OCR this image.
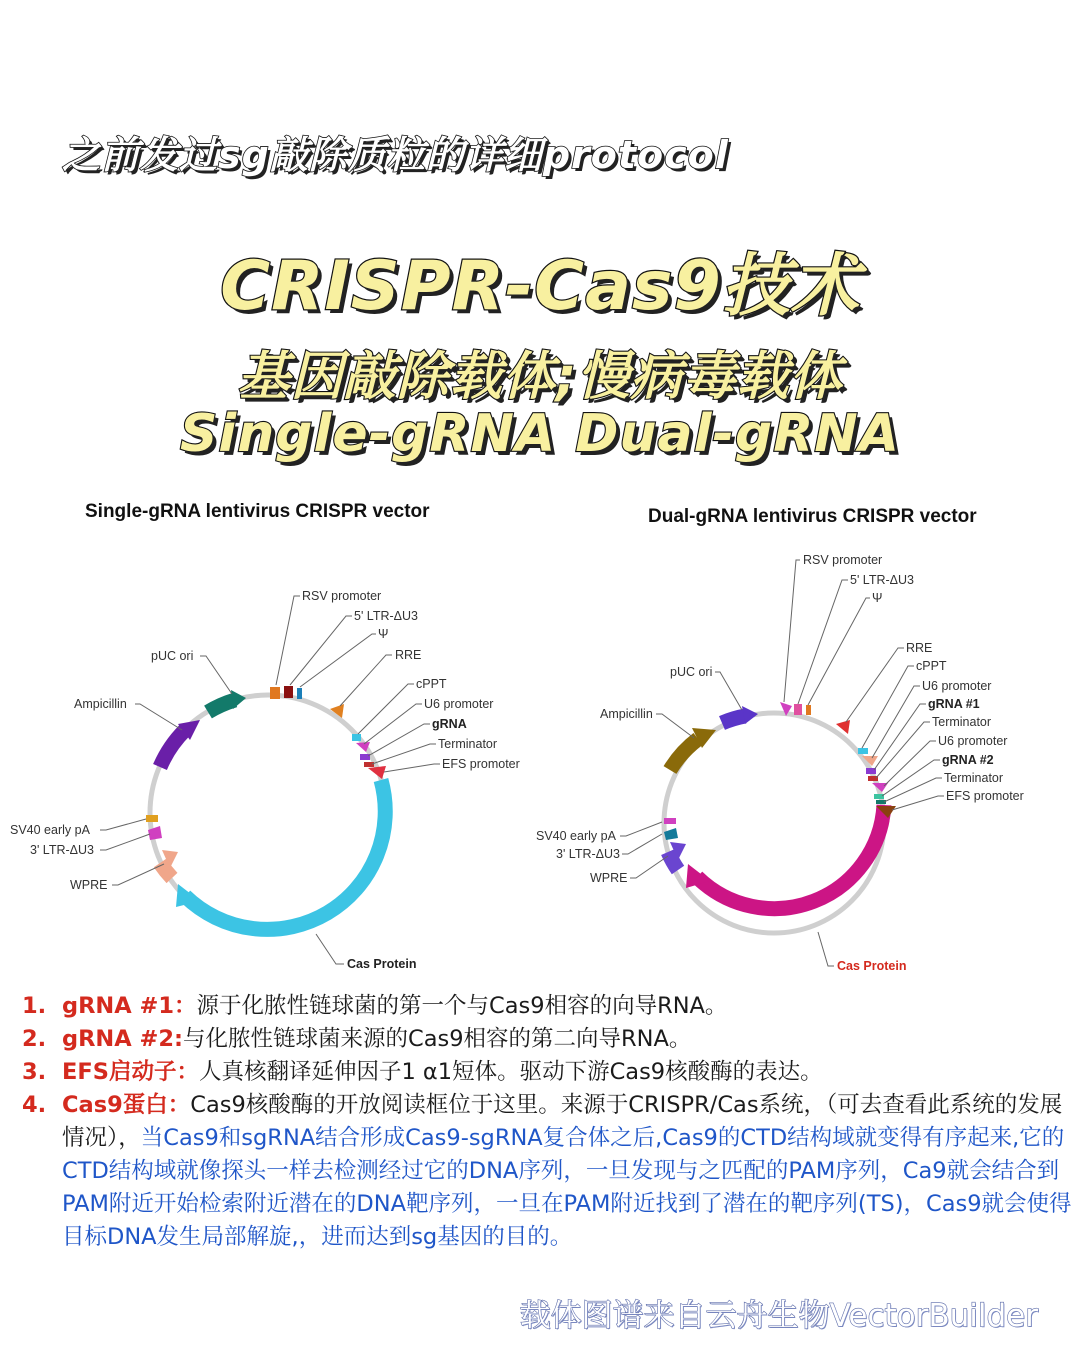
之前发过sg敲除质粒的详细protocol
CRISPR-Cas9技术
基因敲除载体;慢病毒载体
Single-gRNA Dual-gRNA
Single-gRNA lentivirus CRISPR vector
RSV promoter
5' LTR-ΔU3
Ψ
RRE
cPPT
U6 promoter
gRNA
Terminator
EFS promoter
Cas Protein
pUC ori
Ampicillin
SV40 early pA
3' LTR-ΔU3
WPRE
Dual-gRNA lentivirus CRISPR vector
RSV promoter
5' LTR-ΔU3
Ψ
RRE
cPPT
U6 promoter
gRNA #1
Terminator
U6 promoter
gRNA #2
Terminator
EFS promoter
Cas Protein
pUC ori
Ampicillin
SV40 early pA
3' LTR-ΔU3
WPRE
1. gRNA #1：源于化脓性链球菌的第一个与Cas9相容的向导RNA。
2. gRNA #2:与化脓性链球菌来源的Cas9相容的第二向导RNA。
3. EFS启动子：人真核翻译延伸因子1 α1短体。驱动下游Cas9核酸酶的表达。
4. Cas9蛋白：Cas9核酸酶的开放阅读框位于这里。来源于CRISPR/Cas系统，（可去查看此系统的发展情况），当Cas9和sgRNA结合形成Cas9-sgRNA复合体之后,Cas9的CTD结构域就变得有序起来,它的CTD结构域就像探头一样去检测经过它的DNA序列，一旦发现与之匹配的PAM序列，Ca9就会结合到PAM附近开始检索附近潜在的DNA靶序列，一旦在PAM附近找到了潜在的靶序列(TS)，Cas9就会使得目标DNA发生局部解旋,，进而达到sg基因的目的。
载体图谱来自云舟生物VectorBuilder
